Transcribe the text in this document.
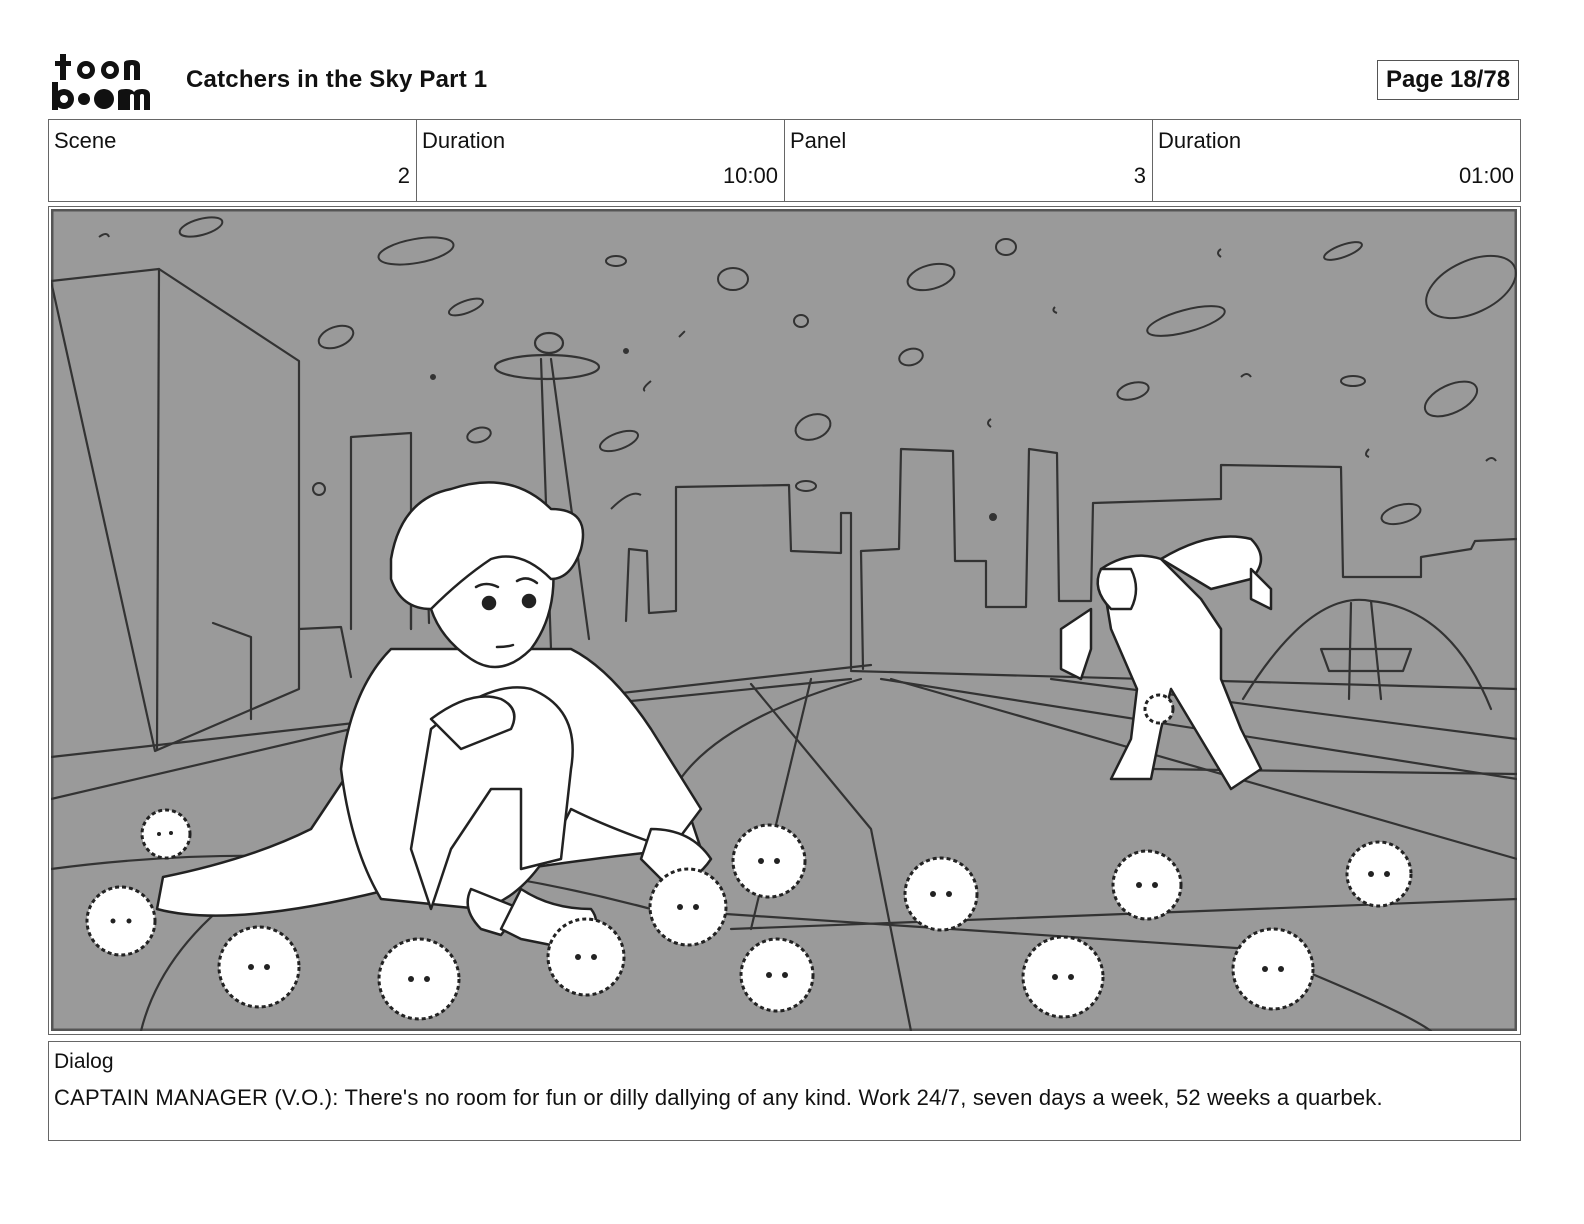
Catchers in the Sky Part 1	Page 18/78
Scene
2
Duration
10:00
Panel
3
Duration
01:00
Dialog
CAPTAIN MANAGER (V.O.): There's no room for fun or dilly dallying of any kind. Work 24/7, seven days a week, 52 weeks a quarbek.
